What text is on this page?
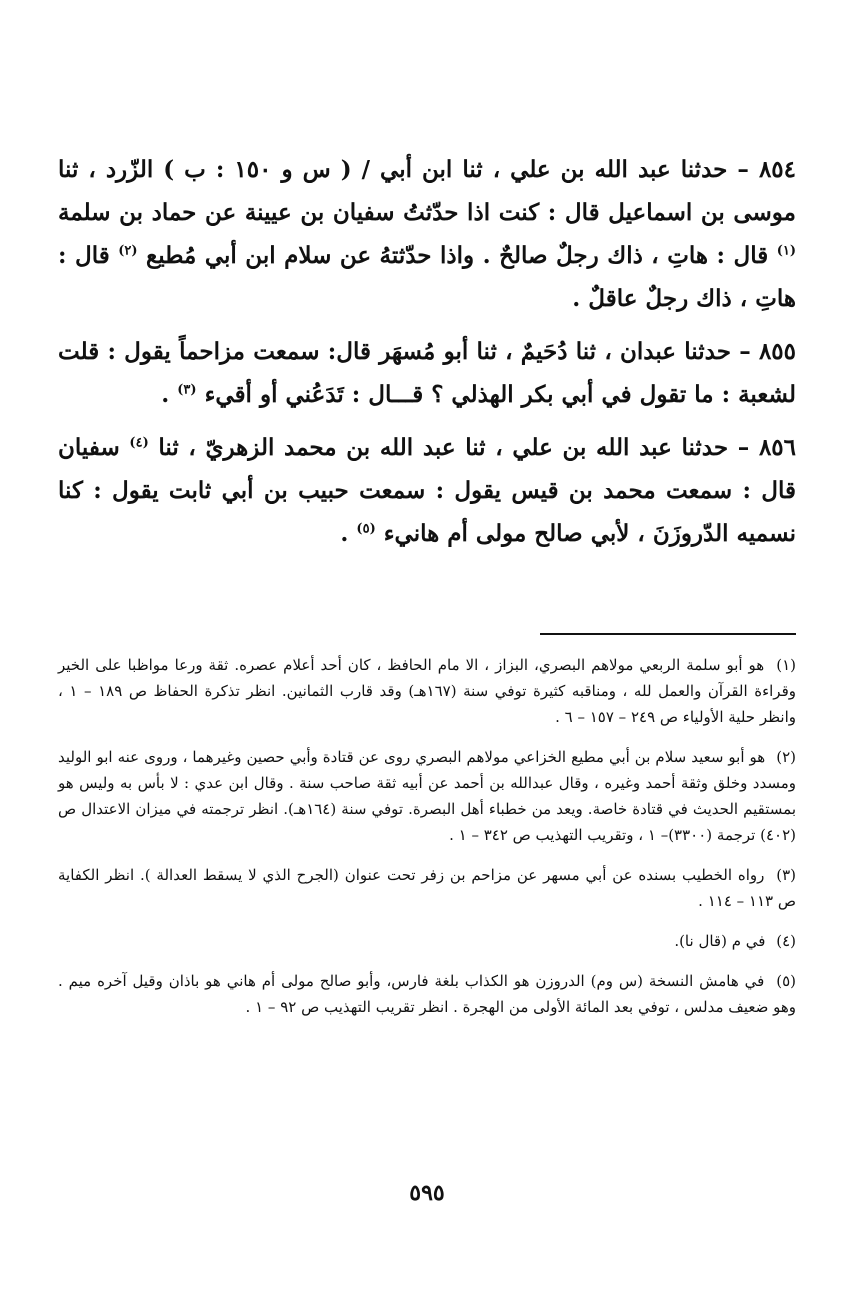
٨٥٤ – حدثنا عبد الله بن علي ، ثنا ابن أبي / ( س و ١٥٠ : ب ) الزّرد ، ثنا موسى بن اسماعيل قال : كنت اذا حدّثتُ سفيان بن عيينة عن حماد بن سلمة $^{(١)}$ قال : هاتِ ، ذاك رجلٌ صالحٌ . واذا حدّثتهُ عن سلام ابن أبي مُطيع $^{(٢)}$ قال : هاتِ ، ذاك رجلٌ عاقلٌ .

٨٥٥ – حدثنا عبدان ، ثنا دُحَيمٌ ، ثنا أبو مُسهَر قال: سمعت مزاحماً يقول : قلت لشعبة : ما تقول في أبي بكر الهذلي ؟ قـــال : تَدَعُني أو أقيء $^{(٣)}$ .

٨٥٦ – حدثنا عبد الله بن علي ، ثنا عبد الله بن محمد الزهريّ ، ثنا $^{(٤)}$ سفيان قال : سمعت محمد بن قيس يقول : سمعت حبيب بن أبي ثابت يقول : كنا نسميه الدّروزَنَ ، لأبي صالح مولى أم هانيء $^{(٥)}$ .

(١) هو أبو سلمة الربعي مولاهم البصري، البزاز ، الا مام الحافظ ، كان أحد أعلام عصره. ثقة ورعا مواظبا على الخير وقراءة القرآن والعمل لله ، ومناقبه كثيرة توفي سنة (١٦٧هـ) وقد قارب الثمانين. انظر تذكرة الحفاظ ص ١٨٩ – ١ ، وانظر حلية الأولياء ص ٢٤٩ – ١٥٧ – ٦ .

(٢) هو أبو سعيد سلام بن أبي مطيع الخزاعي مولاهم البصري روى عن قتادة وأبي حصين وغيرهما ، وروى عنه ابو الوليد ومسدد وخلق وثقة أحمد وغيره ، وقال عبدالله بن أحمد عن أبيه ثقة صاحب سنة . وقال ابن عدي : لا بأس به وليس هو بمستقيم الحديث في قتادة خاصة. ويعد من خطباء أهل البصرة. توفي سنة (١٦٤هـ). انظر ترجمته في ميزان الاعتدال ص (٤٠٢) ترجمة (٣٣٠٠)– ١ ، وتقريب التهذيب ص ٣٤٢ – ١ .

(٣) رواه الخطيب بسنده عن أبي مسهر عن مزاحم بن زفر تحت عنوان (الجرح الذي لا يسقط العدالة ). انظر الكفاية ص ١١٣ – ١١٤ .

(٤) في م (قال نا).

(٥) في هامش النسخة (س وم) الدروزن هو الكذاب بلغة فارس، وأبو صالح مولى أم هاني هو باذان وقيل آخره ميم . وهو ضعيف مدلس ، توفي بعد المائة الأولى من الهجرة . انظر تقريب التهذيب ص ٩٢ – ١ .

٥٩٥
